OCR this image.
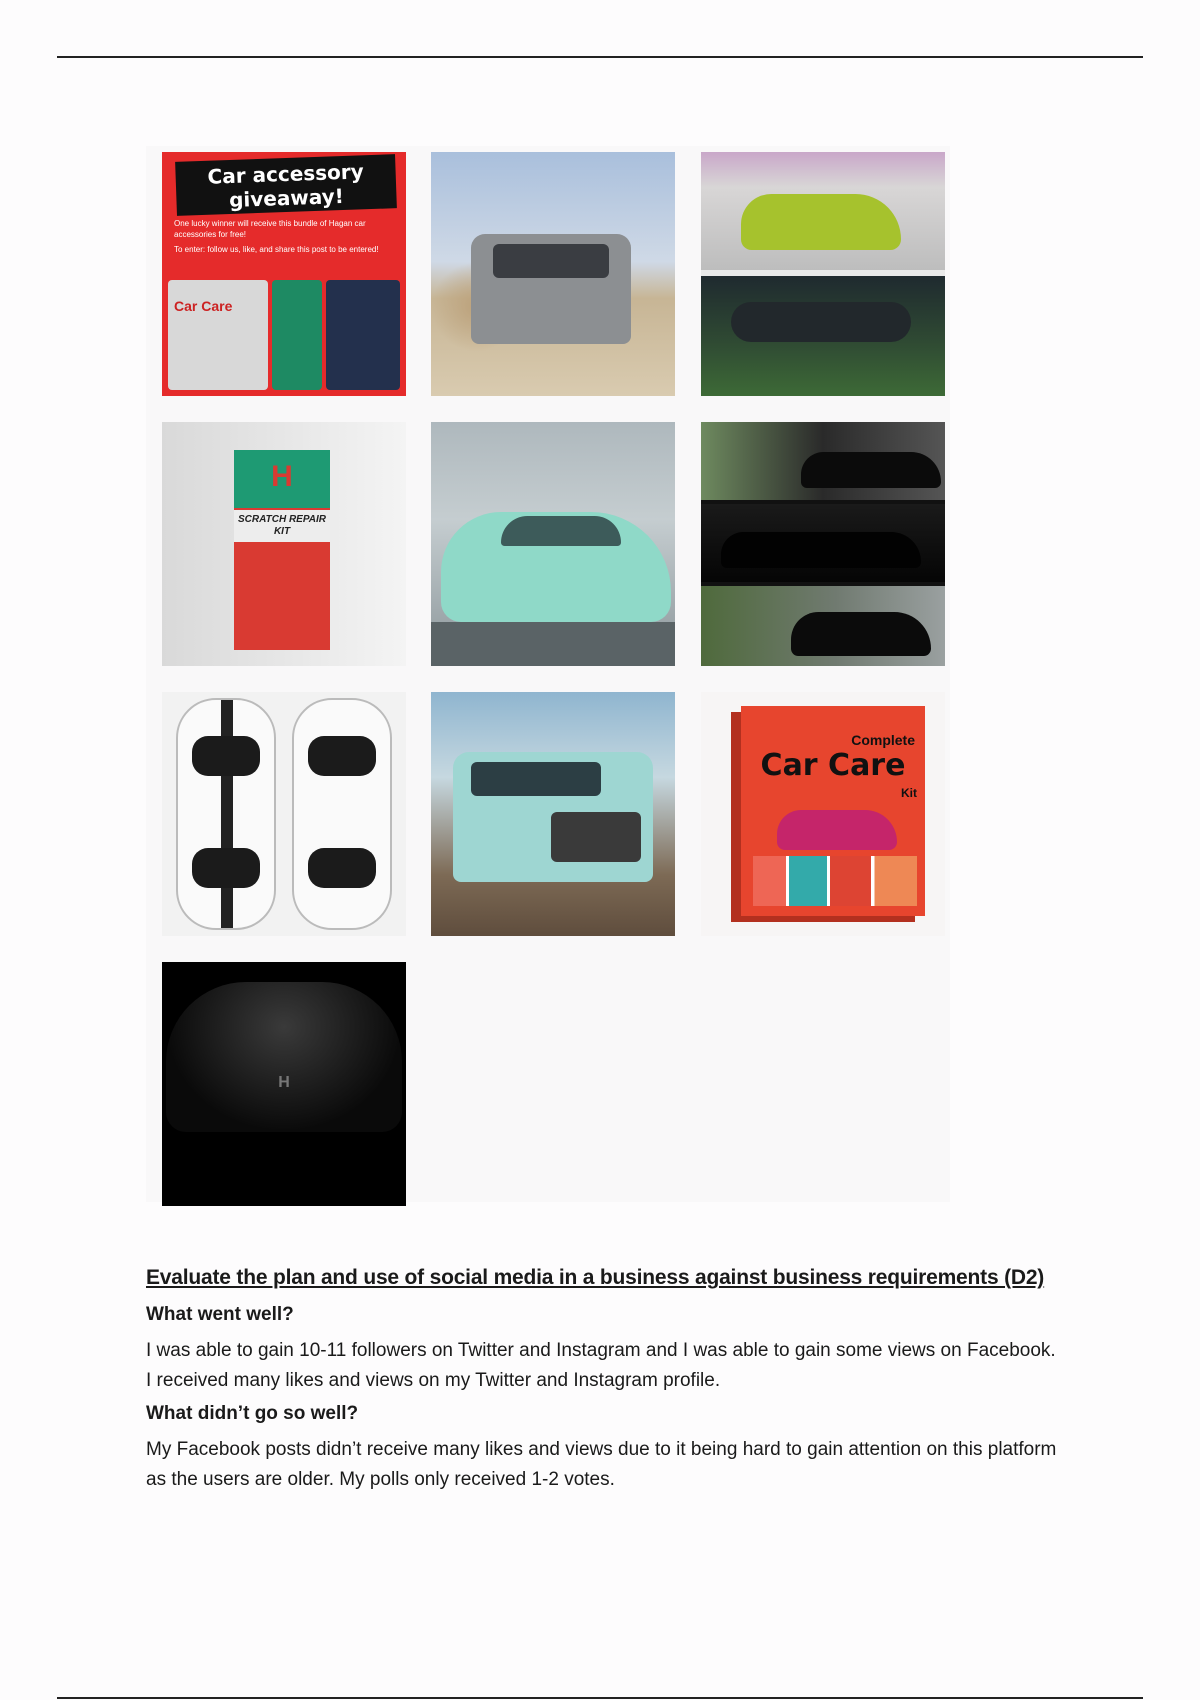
Car accessory giveaway!
One lucky winner will receive this bundle of Hagan car accessories for free!
To enter: follow us, like, and share this post to be entered!
Car Care
H
SCRATCH REPAIR KIT
Complete
Car Care
Kit
H
Evaluate the plan and use of social media in a business against business requirements (D2)
What went well?
I was able to gain 10-11 followers on Twitter and Instagram and I was able to gain some views on Facebook. I received many likes and views on my Twitter and Instagram profile.
What didn’t go so well?
My Facebook posts didn’t receive many likes and views due to it being hard to gain attention on this platform as the users are older. My polls only received 1-2 votes.
